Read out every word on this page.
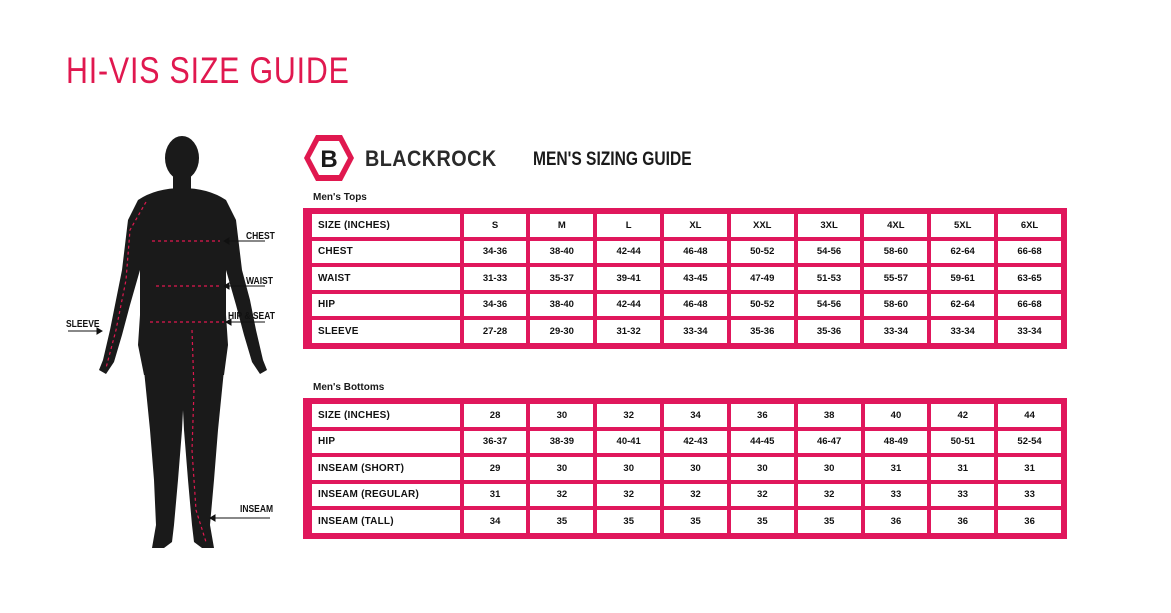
HI-VIS SIZE GUIDE
CHEST
WAIST
HIP & SEAT
SLEEVE
INSEAM
B BLACKROCK MEN'S SIZING GUIDE
Men's Tops
SIZE (INCHES)	S	M	L	XL	XXL	3XL	4XL	5XL	6XL
CHEST	34-36	38-40	42-44	46-48	50-52	54-56	58-60	62-64	66-68
WAIST	31-33	35-37	39-41	43-45	47-49	51-53	55-57	59-61	63-65
HIP	34-36	38-40	42-44	46-48	50-52	54-56	58-60	62-64	66-68
SLEEVE	27-28	29-30	31-32	33-34	35-36	35-36	33-34	33-34	33-34
Men's Bottoms
SIZE (INCHES)	28	30	32	34	36	38	40	42	44
HIP	36-37	38-39	40-41	42-43	44-45	46-47	48-49	50-51	52-54
INSEAM (SHORT)	29	30	30	30	30	30	31	31	31
INSEAM (REGULAR)	31	32	32	32	32	32	33	33	33
INSEAM (TALL)	34	35	35	35	35	35	36	36	36
